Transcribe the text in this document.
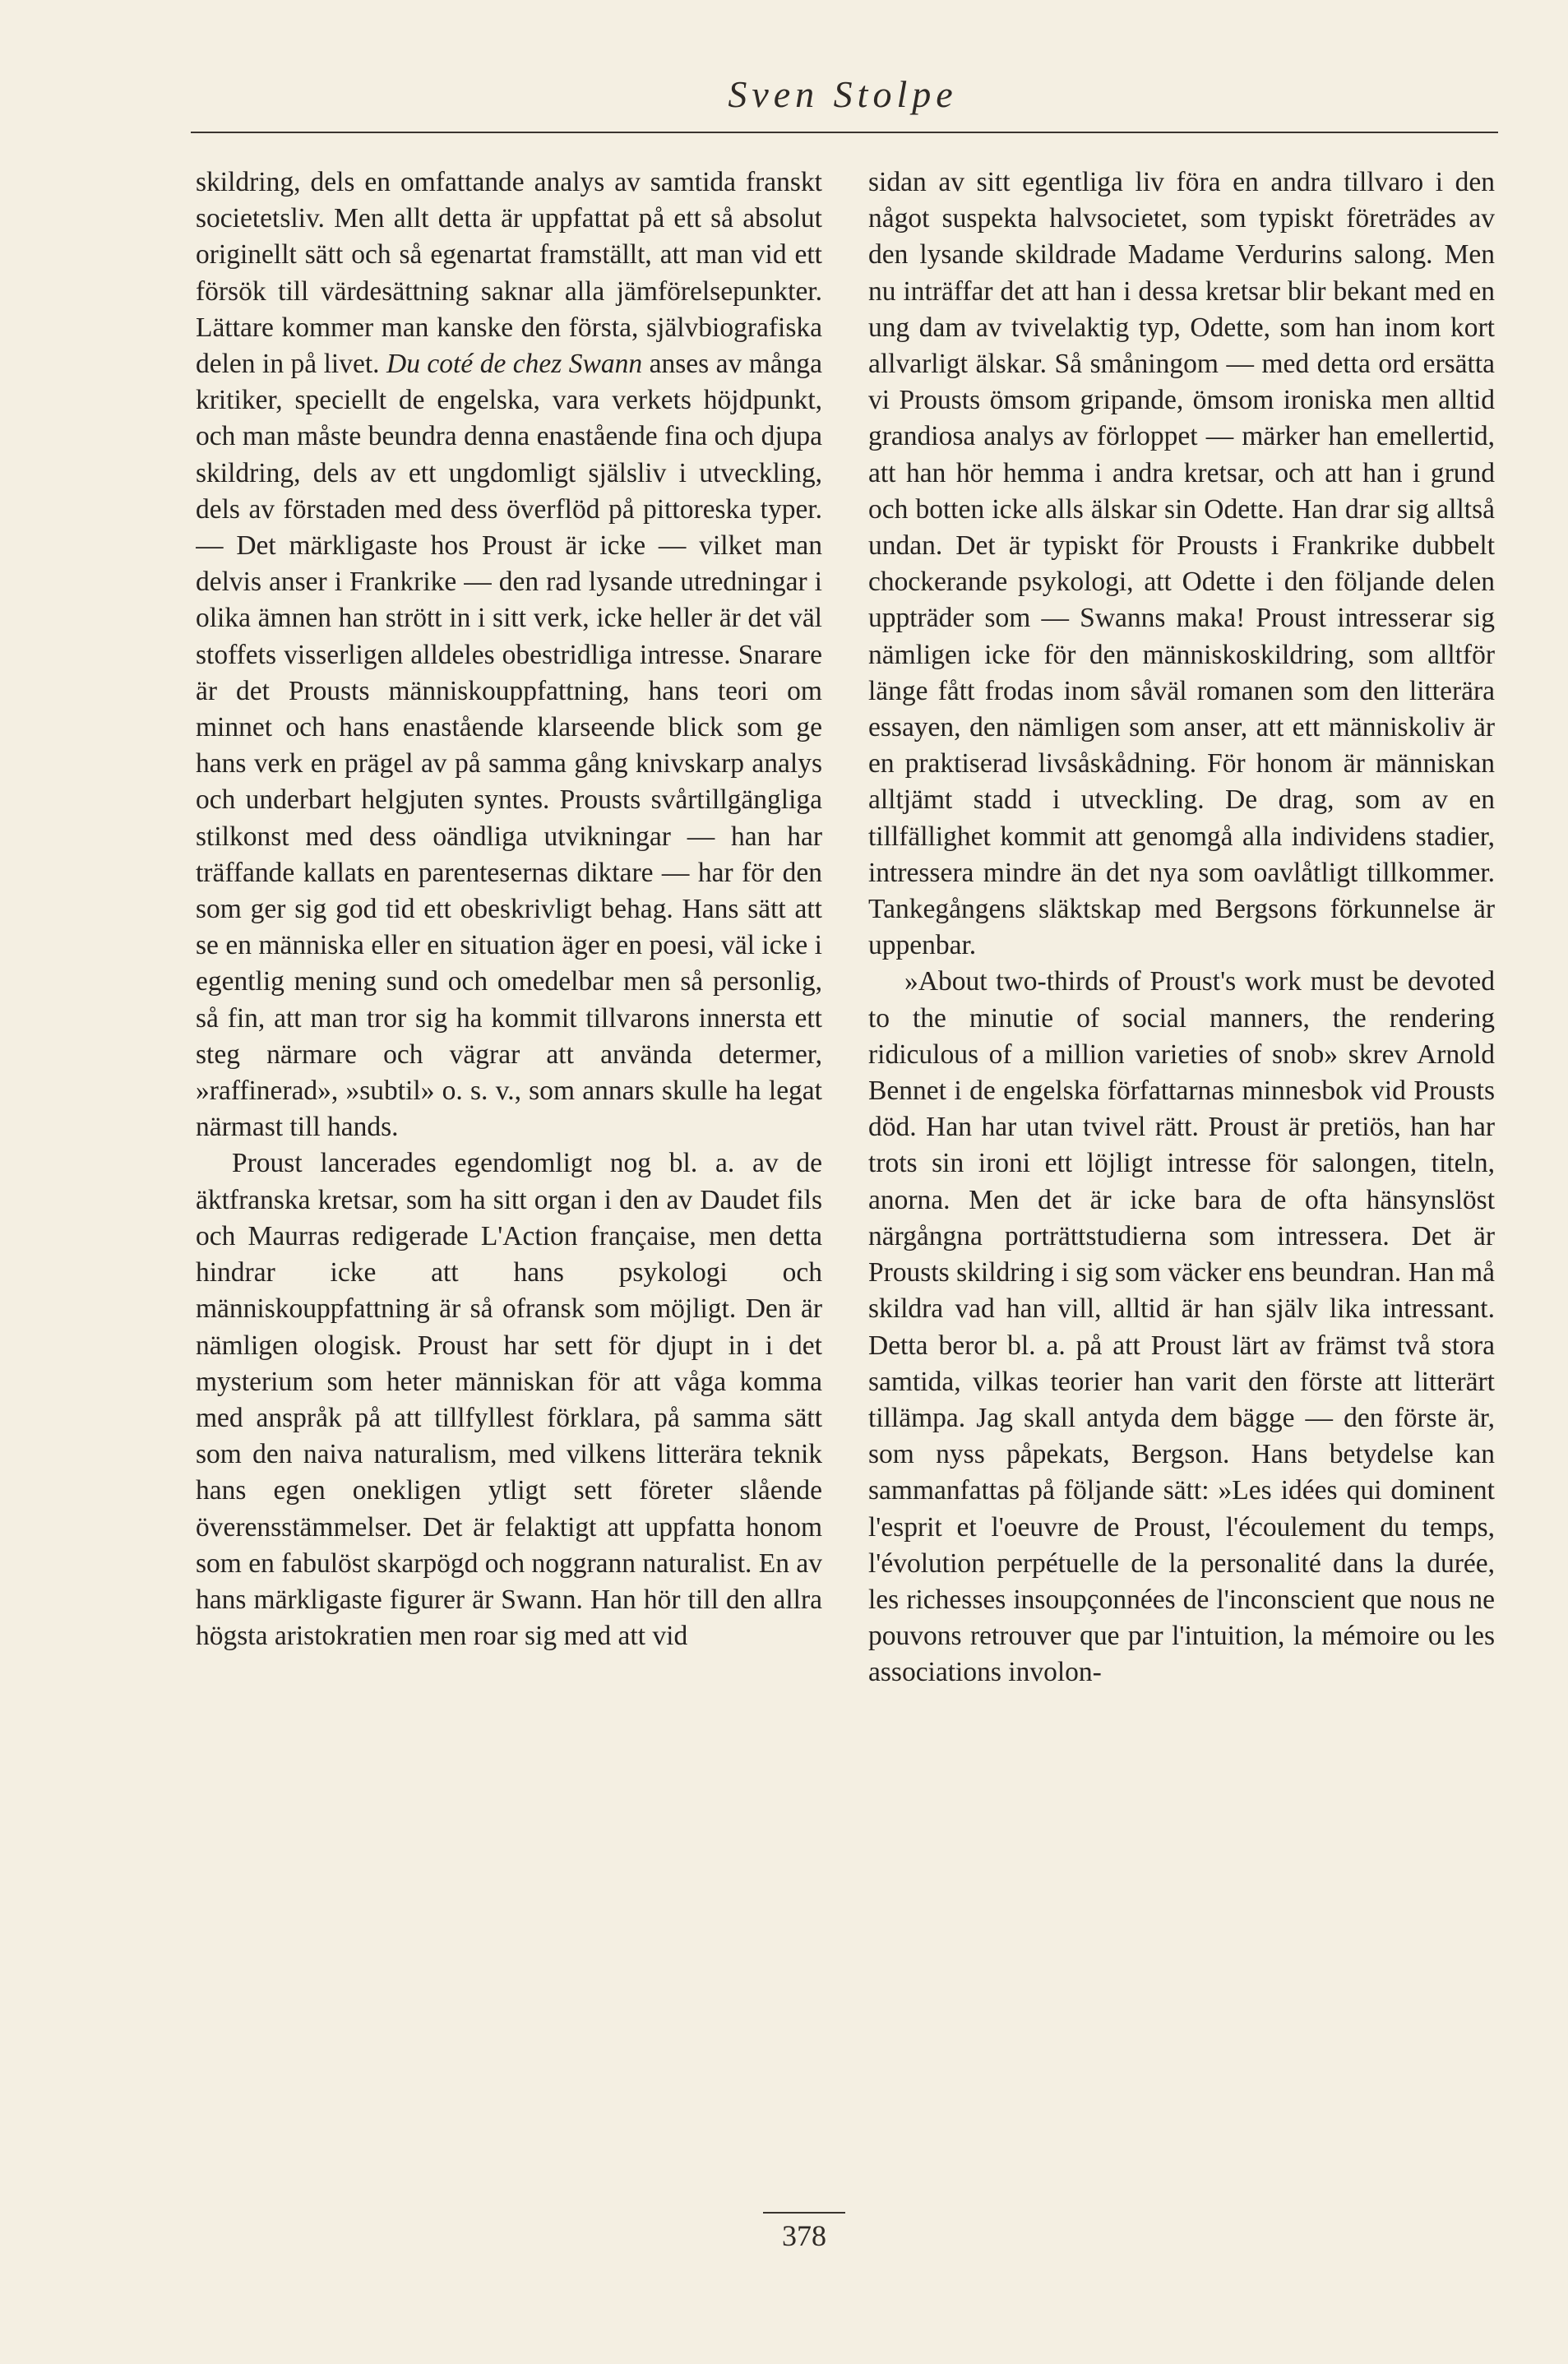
Sven Stolpe

skildring, dels en omfattande analys av samtida franskt societetsliv. Men allt detta är uppfattat på ett så absolut originellt sätt och så egenartat framställt, att man vid ett försök till värdesättning saknar alla jämförelsepunkter. Lättare kommer man kanske den första, självbiografiska delen in på livet. Du coté de chez Swann anses av många kritiker, speciellt de engelska, vara verkets höjdpunkt, och man måste beundra denna enastående fina och djupa skildring, dels av ett ungdomligt själsliv i utveckling, dels av förstaden med dess överflöd på pittoreska typer. — Det märkligaste hos Proust är icke — vilket man delvis anser i Frankrike — den rad lysande utredningar i olika ämnen han strött in i sitt verk, icke heller är det väl stoffets visserligen alldeles obestridliga intresse. Snarare är det Prousts människouppfattning, hans teori om minnet och hans enastående klarseende blick som ge hans verk en prägel av på samma gång knivskarp analys och underbart helgjuten syntes. Prousts svårtillgängliga stilkonst med dess oändliga utvikningar — han har träffande kallats en parentesernas diktare — har för den som ger sig god tid ett obeskrivligt behag. Hans sätt att se en människa eller en situation äger en poesi, väl icke i egentlig mening sund och omedelbar men så personlig, så fin, att man tror sig ha kommit tillvarons innersta ett steg närmare och vägrar att använda determer, »raffinerad», »subtil» o. s. v., som annars skulle ha legat närmast till hands.

Proust lancerades egendomligt nog bl. a. av de äktfranska kretsar, som ha sitt organ i den av Daudet fils och Maurras redigerade L'Action française, men detta hindrar icke att hans psykologi och människouppfattning är så ofransk som möjligt. Den är nämligen ologisk. Proust har sett för djupt in i det mysterium som heter människan för att våga komma med anspråk på att tillfyllest förklara, på samma sätt som den naiva naturalism, med vilkens litterära teknik hans egen onekligen ytligt sett företer slående överensstämmelser. Det är felaktigt att uppfatta honom som en fabulöst skarpögd och noggrann naturalist. En av hans märkligaste figurer är Swann. Han hör till den allra högsta aristokratien men roar sig med att vid

sidan av sitt egentliga liv föra en andra tillvaro i den något suspekta halvsocietet, som typiskt företrädes av den lysande skildrade Madame Verdurins salong. Men nu inträffar det att han i dessa kretsar blir bekant med en ung dam av tvivelaktig typ, Odette, som han inom kort allvarligt älskar. Så småningom — med detta ord ersätta vi Prousts ömsom gripande, ömsom ironiska men alltid grandiosa analys av förloppet — märker han emellertid, att han hör hemma i andra kretsar, och att han i grund och botten icke alls älskar sin Odette. Han drar sig alltså undan. Det är typiskt för Prousts i Frankrike dubbelt chockerande psykologi, att Odette i den följande delen uppträder som — Swanns maka! Proust intresserar sig nämligen icke för den människoskildring, som alltför länge fått frodas inom såväl romanen som den litterära essayen, den nämligen som anser, att ett människoliv är en praktiserad livsåskådning. För honom är människan alltjämt stadd i utveckling. De drag, som av en tillfällighet kommit att genomgå alla individens stadier, intressera mindre än det nya som oavlåtligt tillkommer. Tankegångens släktskap med Bergsons förkunnelse är uppenbar.

»About two-thirds of Proust's work must be devoted to the minutie of social manners, the rendering ridiculous of a million varieties of snob» skrev Arnold Bennet i de engelska författarnas minnesbok vid Prousts död. Han har utan tvivel rätt. Proust är pretiös, han har trots sin ironi ett löjligt intresse för salongen, titeln, anorna. Men det är icke bara de ofta hänsynslöst närgångna porträttstudierna som intressera. Det är Prousts skildring i sig som väcker ens beundran. Han må skildra vad han vill, alltid är han själv lika intressant. Detta beror bl. a. på att Proust lärt av främst två stora samtida, vilkas teorier han varit den förste att litterärt tillämpa. Jag skall antyda dem bägge — den förste är, som nyss påpekats, Bergson. Hans betydelse kan sammanfattas på följande sätt: »Les idées qui dominent l'esprit et l'oeuvre de Proust, l'écoulement du temps, l'évolution perpétuelle de la personalité dans la durée, les richesses insoupçonnées de l'inconscient que nous ne pouvons retrouver que par l'intuition, la mémoire ou les associations involon-

378
